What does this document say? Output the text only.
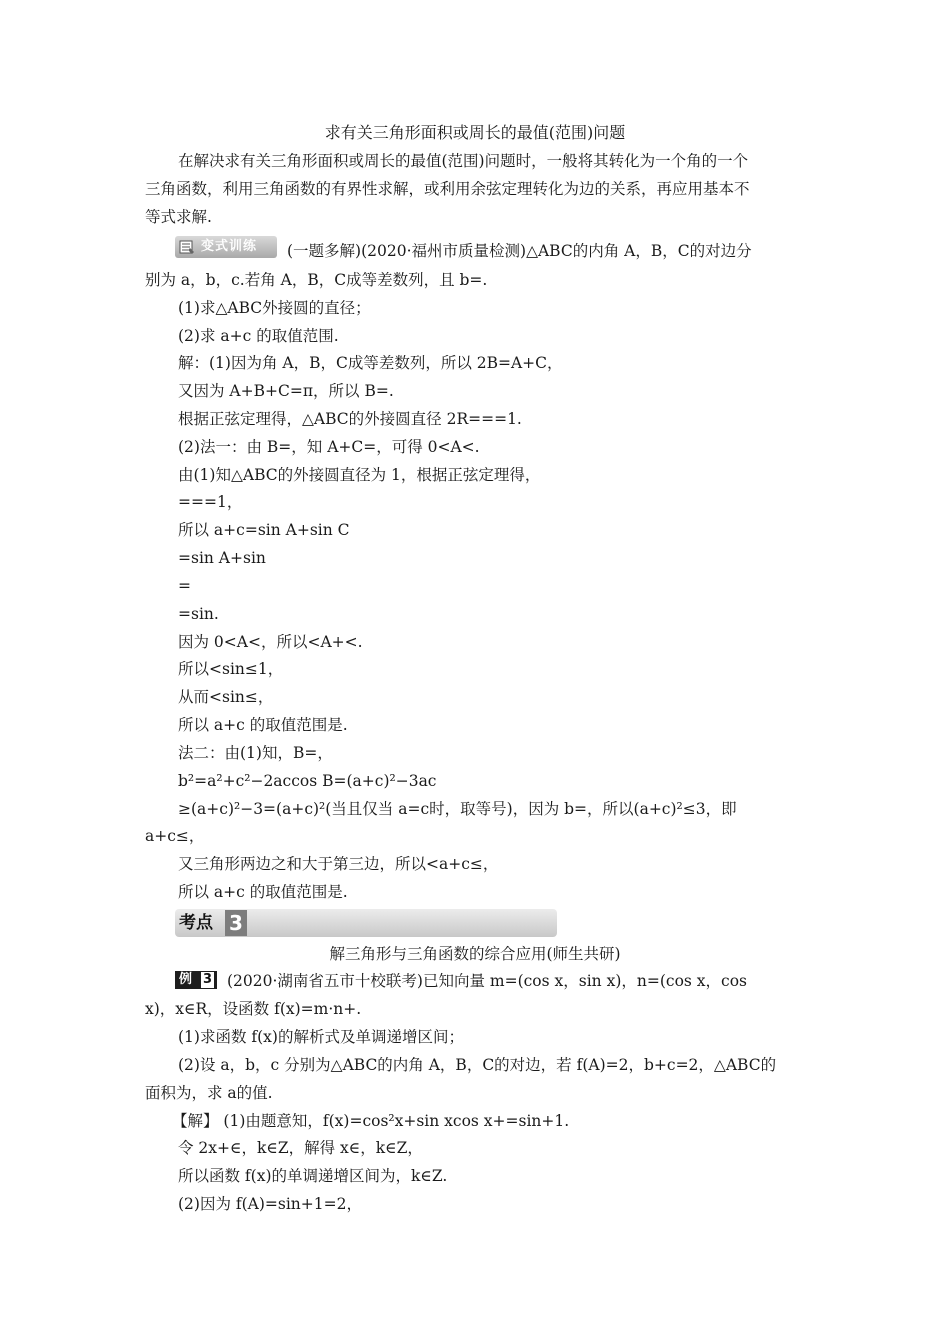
求有关三角形面积或周长的最值(范围)问题
在解决求有关三角形面积或周长的最值(范围)问题时，一般将其转化为一个角的一个
三角函数，利用三角函数的有界性求解，或利用余弦定理转化为边的关系，再应用基本不
等式求解.
变式训练 (一题多解)(2020·福州市质量检测)△ABC的内角 A，B，C的对边分
别为 a，b，c.若角 A，B，C成等差数列，且 b=.
(1)求△ABC外接圆的直径；
(2)求 a+c 的取值范围.
解：(1)因为角 A，B，C成等差数列，所以 2B=A+C，
又因为 A+B+C=π，所以 B=.
根据正弦定理得，△ABC的外接圆直径 2R===1.
(2)法一：由 B=，知 A+C=，可得 0<A<.
由(1)知△ABC的外接圆直径为 1，根据正弦定理得，
===1，
所以 a+c=sin A+sin C
=sin A+sin
=
=sin.
因为 0<A<，所以<A+<.
所以<sin≤1，
从而<sin≤，
所以 a+c 的取值范围是.
法二：由(1)知，B=，
b²=a²+c²−2accos B=(a+c)²−3ac
≥(a+c)²−3=(a+c)²(当且仅当 a=c时，取等号)，因为 b=，所以(a+c)²≤3，即
a+c≤，
又三角形两边之和大于第三边，所以<a+c≤，
所以 a+c 的取值范围是.
考点 3
解三角形与三角函数的综合应用(师生共研)
例 3 (2020·湖南省五市十校联考)已知向量 m=(cos x，sin x)，n=(cos x，cos
x)，x∈R，设函数 f(x)=m·n+.
(1)求函数 f(x)的解析式及单调递增区间；
(2)设 a，b，c 分别为△ABC的内角 A，B，C的对边，若 f(A)=2，b+c=2，△ABC的
面积为，求 a的值.
【解】 (1)由题意知，f(x)=cos²x+sin xcos x+=sin+1.
令 2x+∈，k∈Z，解得 x∈，k∈Z，
所以函数 f(x)的单调递增区间为，k∈Z.
(2)因为 f(A)=sin+1=2，
